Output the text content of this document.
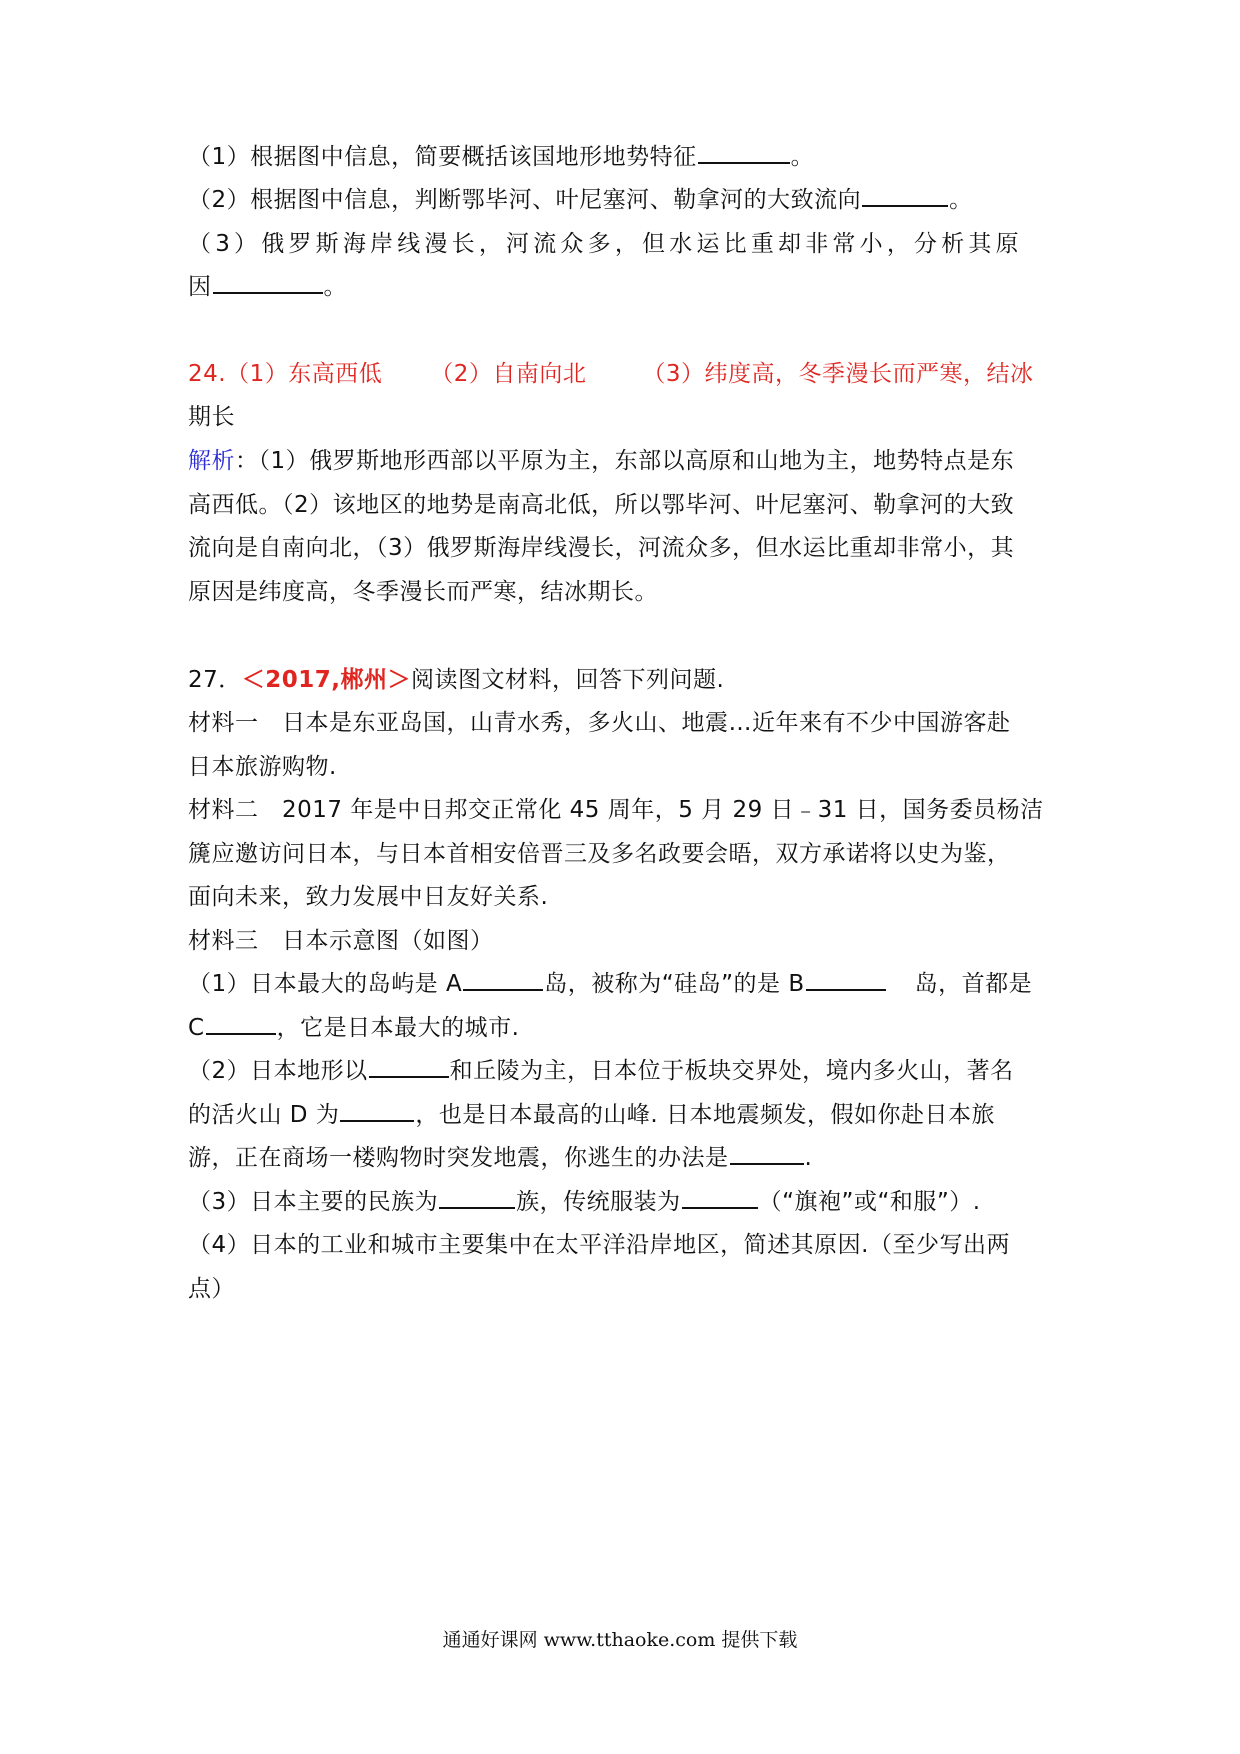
（1）根据图中信息，简要概括该国地形地势特征	。
（2）根据图中信息，判断鄂毕河、叶尼塞河、勒拿河的大致流向	。
（3）俄罗斯海岸线漫长，河流众多，但水运比重却非常小，分析其原
因	。
24.（1）东高西低 （2）自南向北 （3）纬度高，冬季漫长而严寒，结冰
期长
解析：（1）俄罗斯地形西部以平原为主，东部以高原和山地为主，地势特点是东
高西低。（2）该地区的地势是南高北低，所以鄂毕河、叶尼塞河、勒拿河的大致
流向是自南向北，（3）俄罗斯海岸线漫长，河流众多，但水运比重却非常小，其
原因是纬度高，冬季漫长而严寒，结冰期长。
27．＜2017,郴州＞阅读图文材料，回答下列问题.
材料一　日本是东亚岛国，山青水秀，多火山、地震…近年来有不少中国游客赴
日本旅游购物.
材料二　2017 年是中日邦交正常化 45 周年，5 月 29 日﹣31 日，国务委员杨洁
篪应邀访问日本，与日本首相安倍晋三及多名政要会晤，双方承诺将以史为鉴，
面向未来，致力发展中日友好关系.
材料三　日本示意图（如图）
（1）日本最大的岛屿是 A	岛，被称为“硅岛”的是 B	岛，首都是
C	，它是日本最大的城市.
（2）日本地形以	和丘陵为主，日本位于板块交界处，境内多火山，著名
的活火山 D 为	，也是日本最高的山峰. 日本地震频发，假如你赴日本旅
游，正在商场一楼购物时突发地震，你逃生的办法是	.
（3）日本主要的民族为	族，传统服装为	（“旗袍”或“和服”）.
（4）日本的工业和城市主要集中在太平洋沿岸地区，简述其原因.（至少写出两
点）
通通好课网 www.tthaoke.com 提供下载
